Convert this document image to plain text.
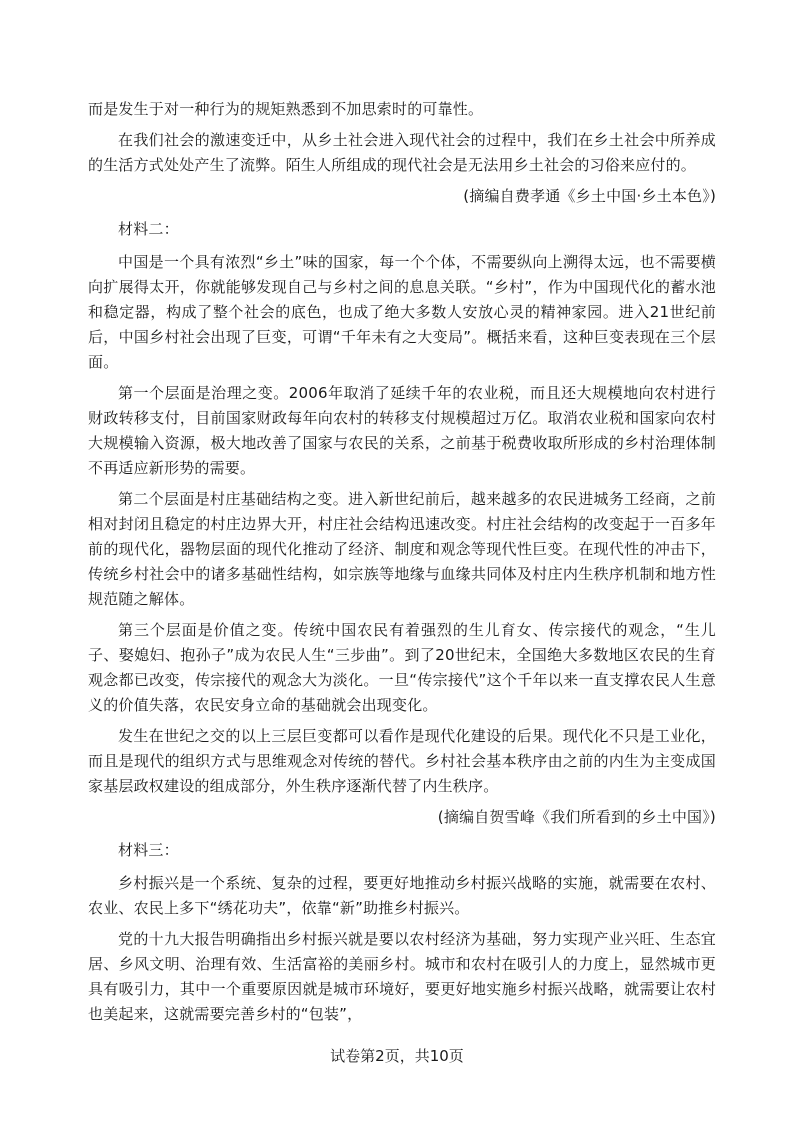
而是发生于对一种行为的规矩熟悉到不加思索时的可靠性。

在我们社会的激速变迁中，从乡土社会进入现代社会的过程中，我们在乡土社会中所养成的生活方式处处产生了流弊。陌生人所组成的现代社会是无法用乡土社会的习俗来应付的。

(摘编自费孝通《乡土中国·乡土本色》)

材料二：

中国是一个具有浓烈“乡土”味的国家，每一个个体，不需要纵向上溯得太远，也不需要横向扩展得太开，你就能够发现自己与乡村之间的息息关联。“乡村”，作为中国现代化的蓄水池和稳定器，构成了整个社会的底色，也成了绝大多数人安放心灵的精神家园。进入21世纪前后，中国乡村社会出现了巨变，可谓“千年未有之大变局”。概括来看，这种巨变表现在三个层面。

第一个层面是治理之变。2006年取消了延续千年的农业税，而且还大规模地向农村进行财政转移支付，目前国家财政每年向农村的转移支付规模超过万亿。取消农业税和国家向农村大规模输入资源，极大地改善了国家与农民的关系，之前基于税费收取所形成的乡村治理体制不再适应新形势的需要。

第二个层面是村庄基础结构之变。进入新世纪前后，越来越多的农民进城务工经商，之前相对封闭且稳定的村庄边界大开，村庄社会结构迅速改变。村庄社会结构的改变起于一百多年前的现代化，器物层面的现代化推动了经济、制度和观念等现代性巨变。在现代性的冲击下，传统乡村社会中的诸多基础性结构，如宗族等地缘与血缘共同体及村庄内生秩序机制和地方性规范随之解体。

第三个层面是价值之变。传统中国农民有着强烈的生儿育女、传宗接代的观念，“生儿子、娶媳妇、抱孙子”成为农民人生“三步曲”。到了20世纪末，全国绝大多数地区农民的生育观念都已改变，传宗接代的观念大为淡化。一旦“传宗接代”这个千年以来一直支撑农民人生意义的价值失落，农民安身立命的基础就会出现变化。

发生在世纪之交的以上三层巨变都可以看作是现代化建设的后果。现代化不只是工业化，而且是现代的组织方式与思维观念对传统的替代。乡村社会基本秩序由之前的内生为主变成国家基层政权建设的组成部分，外生秩序逐渐代替了内生秩序。

(摘编自贺雪峰《我们所看到的乡土中国》)

材料三：

乡村振兴是一个系统、复杂的过程，要更好地推动乡村振兴战略的实施，就需要在农村、农业、农民上多下“绣花功夫”，依靠“新”助推乡村振兴。

党的十九大报告明确指出乡村振兴就是要以农村经济为基础，努力实现产业兴旺、生态宜居、乡风文明、治理有效、生活富裕的美丽乡村。城市和农村在吸引人的力度上，显然城市更具有吸引力，其中一个重要原因就是城市环境好，要更好地实施乡村振兴战略，就需要让农村也美起来，这就需要完善乡村的“包装”，

试卷第2页，共10页
